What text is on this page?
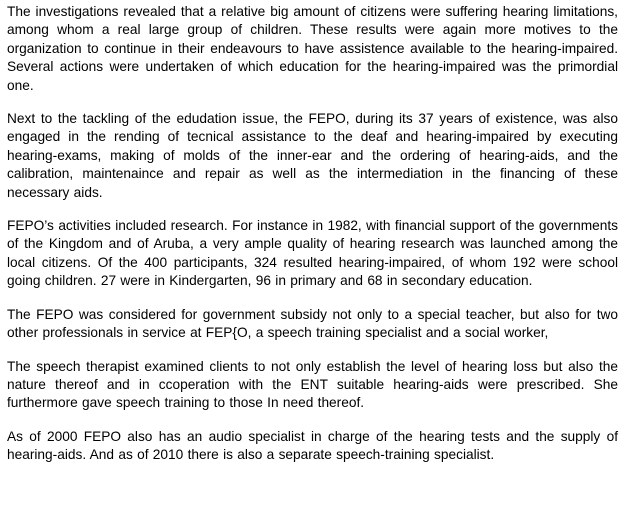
The investigations revealed that a relative big amount of citizens were suffering hearing limitations, among whom a real large group of children. These results were again more motives to the organization to continue in their endeavours to have assistence available to the hearing-impaired. Several actions were undertaken of which education for the hearing-impaired was the primordial one.

Next to the tackling of the edudation issue, the FEPO, during its 37 years of existence, was also engaged in the rending of tecnical assistance to the deaf and hearing-impaired by executing hearing-exams, making of molds of the inner-ear and the ordering of hearing-aids, and the calibration, maintenaince and repair as well as the intermediation in the financing of these necessary aids.

FEPO’s activities included research. For instance in 1982, with financial support of the governments of the Kingdom and of Aruba, a very ample quality of hearing research was launched among the local citizens. Of the 400 participants, 324 resulted hearing-impaired, of whom 192 were school going children. 27 were in Kindergarten, 96 in primary and 68 in secondary education.

The FEPO was considered for government subsidy not only to a special teacher, but also for two other professionals in service at FEP{O, a speech training specialist and a social worker,

The speech therapist examined clients to not only establish the level of hearing loss but also the nature thereof and in ccoperation with the ENT suitable hearing-aids were prescribed. She furthermore gave speech training to those In need thereof.

As of 2000 FEPO also has an audio specialist in charge of the hearing tests and the supply of hearing-aids. And as of 2010 there is also a separate speech-training specialist.
